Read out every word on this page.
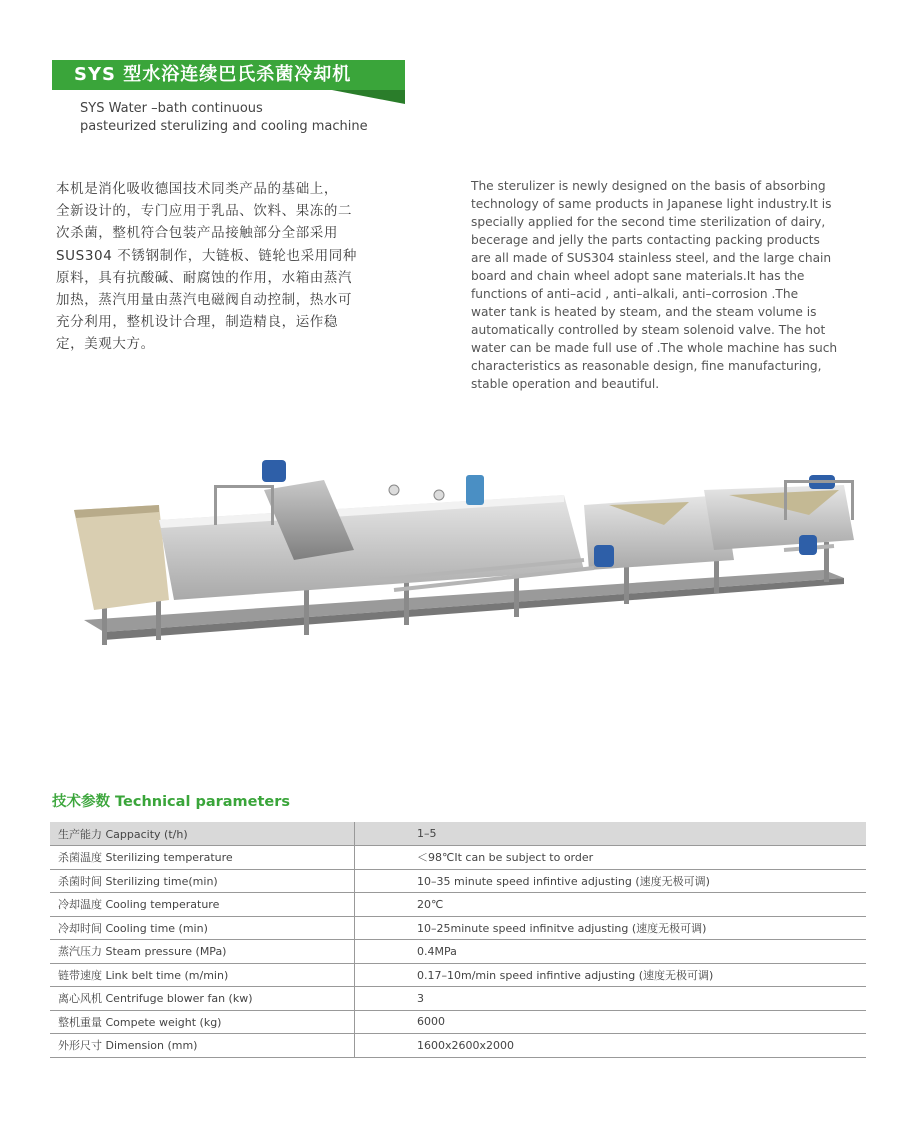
SYS 型水浴连续巴氏杀菌冷却机
SYS Water –bath continuous
pasteurized sterulizing and cooling machine
本机是消化吸收德国技术同类产品的基础上，
全新设计的，专门应用于乳品、饮料、果冻的二
次杀菌，整机符合包装产品接触部分全部采用
SUS304 不锈钢制作，大链板、链轮也采用同种
原料，具有抗酸碱、耐腐蚀的作用，水箱由蒸汽
加热，蒸汽用量由蒸汽电磁阀自动控制，热水可
充分利用，整机设计合理，制造精良，运作稳
定，美观大方。
The sterulizer is newly designed on the basis of absorbing
technology of same products in Japanese light industry.It is
specially applied for the second time sterilization of dairy,
becerage and jelly the parts contacting packing products
are all made of SUS304 stainless steel, and the large chain
board and chain wheel adopt sane materials.It has the
functions of anti–acid , anti–alkali, anti–corrosion .The
water tank is heated by steam, and the steam volume is
automatically controlled by steam solenoid valve. The hot
water can be made full use of .The whole machine has such
characteristics as reasonable design, fine manufacturing,
stable operation and beautiful.
技术参数 Technical parameters
生产能力 Cappacity (t/h)	1–5
杀菌温度 Sterilizing temperature	＜98℃It can be subject to order
杀菌时间 Sterilizing time(min)	10–35 minute speed infintive adjusting (速度无极可调)
冷却温度 Cooling temperature	20℃
冷却时间 Cooling time (min)	10–25minute speed infinitve adjusting (速度无极可调)
蒸汽压力 Steam pressure (MPa)	0.4MPa
链带速度 Link belt time (m/min)	0.17–10m/min speed infintive adjusting (速度无极可调)
离心风机 Centrifuge blower fan (kw)	3
整机重量 Compete weight (kg)	6000
外形尺寸 Dimension (mm)	1600x2600x2000
